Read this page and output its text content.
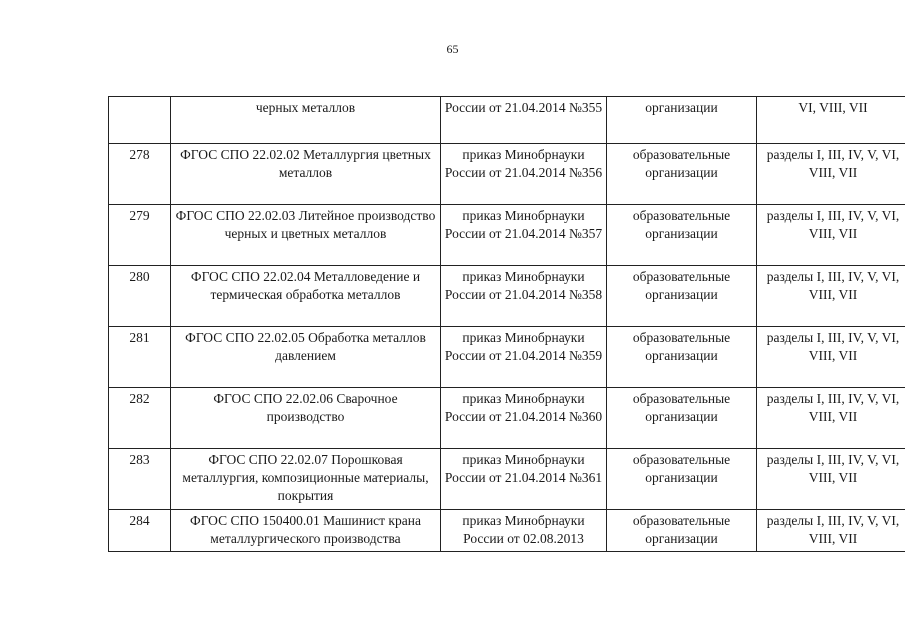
65
	черных металлов	России от 21.04.2014 №355	организации	VI, VIII, VII
278	ФГОС СПО 22.02.02 Металлургия цветных металлов	приказ Минобрнауки России от 21.04.2014 №356	образовательные организации	разделы I, III, IV, V, VI, VIII, VII
279	ФГОС СПО 22.02.03 Литейное производство черных и цветных металлов	приказ Минобрнауки России от 21.04.2014 №357	образовательные организации	разделы I, III, IV, V, VI, VIII, VII
280	ФГОС СПО 22.02.04 Металловедение и термическая обработка металлов	приказ Минобрнауки России от 21.04.2014 №358	образовательные организации	разделы I, III, IV, V, VI, VIII, VII
281	ФГОС СПО 22.02.05 Обработка металлов давлением	приказ Минобрнауки России от 21.04.2014 №359	образовательные организации	разделы I, III, IV, V, VI, VIII, VII
282	ФГОС СПО 22.02.06 Сварочное производство	приказ Минобрнауки России от 21.04.2014 №360	образовательные организации	разделы I, III, IV, V, VI, VIII, VII
283	ФГОС СПО 22.02.07 Порошковая металлургия, композиционные материалы, покрытия	приказ Минобрнауки России от 21.04.2014 №361	образовательные организации	разделы I, III, IV, V, VI, VIII, VII
284	ФГОС СПО 150400.01 Машинист крана металлургического производства	приказ Минобрнауки России от 02.08.2013	образовательные организации	разделы I, III, IV, V, VI, VIII, VII
